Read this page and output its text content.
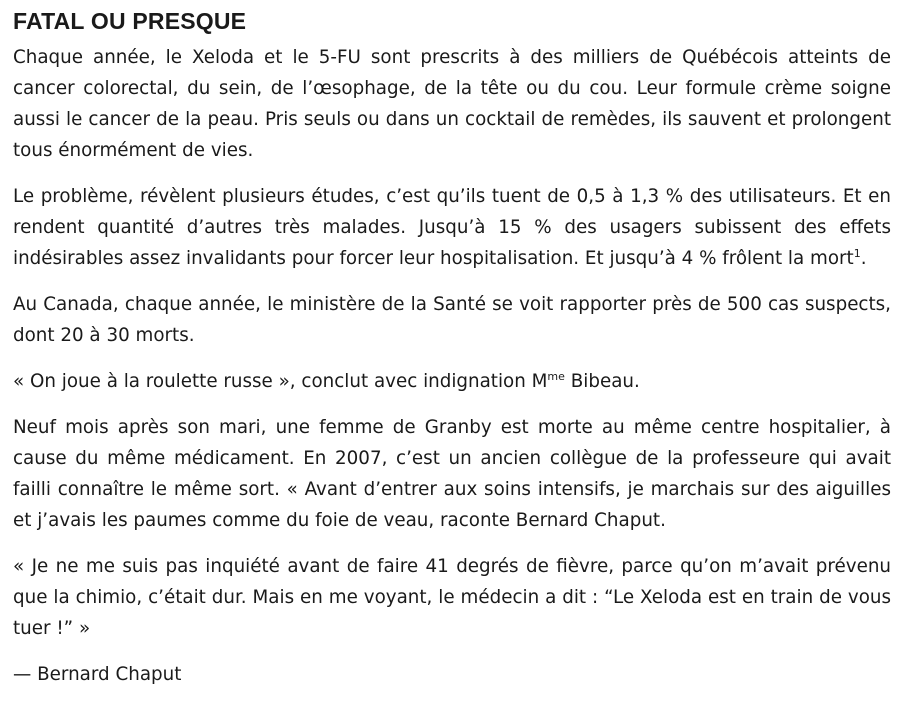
FATAL OU PRESQUE

Chaque année, le Xeloda et le 5-FU sont prescrits à des milliers de Québécois atteints de cancer colorectal, du sein, de l’œsophage, de la tête ou du cou. Leur formule crème soigne aussi le cancer de la peau. Pris seuls ou dans un cocktail de remèdes, ils sauvent et prolongent tous énormément de vies.

Le problème, révèlent plusieurs études, c’est qu’ils tuent de 0,5 à 1,3 % des utilisateurs. Et en rendent quantité d’autres très malades. Jusqu’à 15 % des usagers subissent des effets indésirables assez invalidants pour forcer leur hospitalisation. Et jusqu’à 4 % frôlent la mort$^1$.

Au Canada, chaque année, le ministère de la Santé se voit rapporter près de 500 cas suspects, dont 20 à 30 morts.

« On joue à la roulette russe », conclut avec indignation $M^{me}$ Bibeau.

Neuf mois après son mari, une femme de Granby est morte au même centre hospitalier, à cause du même médicament. En 2007, c’est un ancien collègue de la professeure qui avait failli connaître le même sort. « Avant d’entrer aux soins intensifs, je marchais sur des aiguilles et j’avais les paumes comme du foie de veau, raconte Bernard Chaput.

« Je ne me suis pas inquiété avant de faire 41 degrés de fièvre, parce qu’on m’avait prévenu que la chimio, c’était dur. Mais en me voyant, le médecin a dit : “Le Xeloda est en train de vous tuer !” »

— Bernard Chaput
